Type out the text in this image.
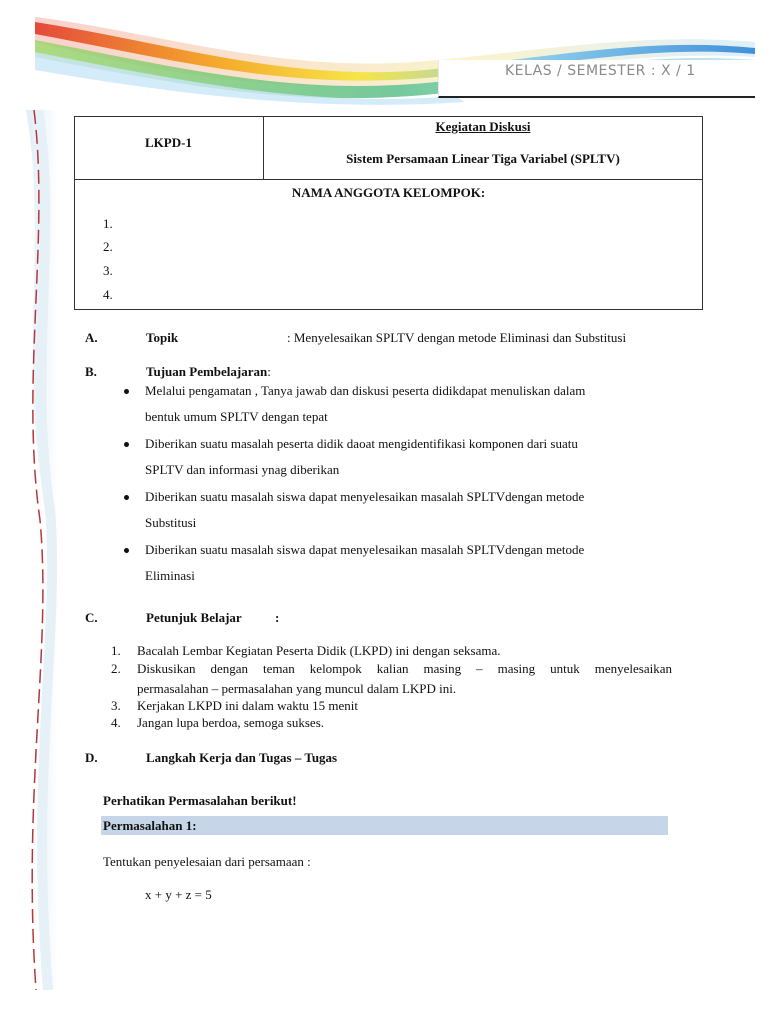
KELAS / SEMESTER : X / 1
LKPD-1
Kegiatan Diskusi
Sistem Persamaan Linear Tiga Variabel (SPLTV)
NAMA ANGGOTA KELOMPOK:
1.
2.
3.
4.
A.	Topik	: Menyelesaikan SPLTV dengan metode Eliminasi dan Substitusi
B.	Tujuan Pembelajaran:
Melalui pengamatan , Tanya jawab dan diskusi peserta didikdapat menuliskan dalam
bentuk umum SPLTV dengan tepat
Diberikan suatu masalah peserta didik daoat mengidentifikasi komponen dari suatu
SPLTV dan informasi ynag diberikan
Diberikan suatu masalah siswa dapat menyelesaikan masalah SPLTVdengan metode
Substitusi
Diberikan suatu masalah siswa dapat menyelesaikan masalah SPLTVdengan metode
Eliminasi
C.	Petunjuk Belajar	:
1. Bacalah Lembar Kegiatan Peserta Didik (LKPD) ini dengan seksama.
2. Diskusikan dengan teman kelompok kalian masing – masing untuk menyelesaikan
permasalahan – permasalahan yang muncul dalam LKPD ini.
3. Kerjakan LKPD ini dalam waktu 15 menit
4. Jangan lupa berdoa, semoga sukses.
D.	Langkah Kerja dan Tugas – Tugas
Perhatikan Permasalahan berikut!
Permasalahan 1:
Tentukan penyelesaian dari persamaan :
x + y + z = 5
